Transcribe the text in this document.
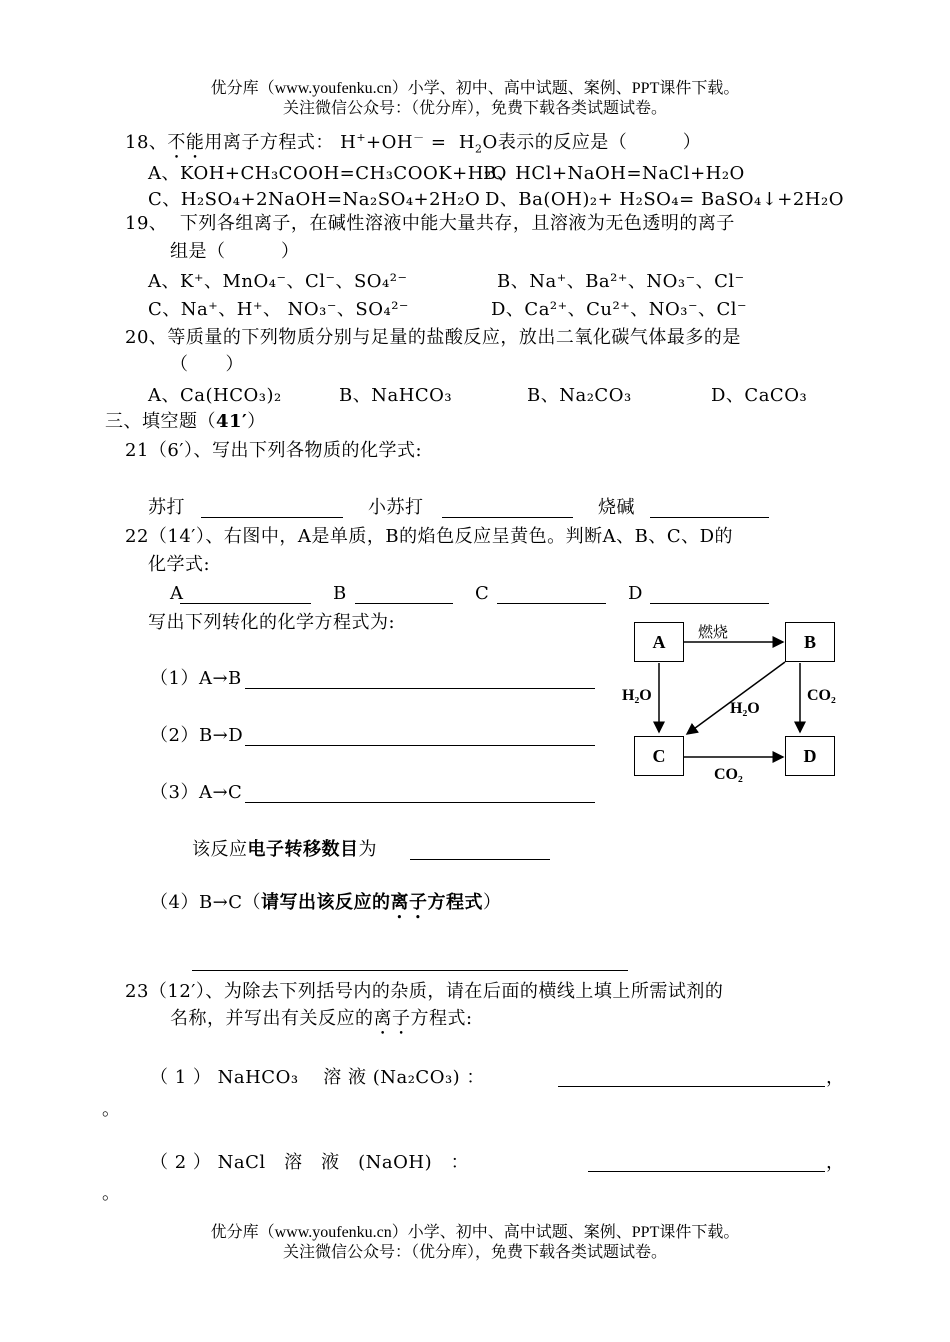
优分库（www.youfenku.cn）小学、初中、高中试题、案例、PPT课件下载。
关注微信公众号：（优分库），免费下载各类试题试卷。
18、不能用离子方程式： $H^++OH^- = H_2O$表示的反应是（　　　）
A、KOH+CH₃COOH=CH₃COOK+H₂O
B、HCl+NaOH=NaCl+H₂O
C、H₂SO₄+2NaOH=Na₂SO₄+2H₂O D、Ba(OH)₂+ H₂SO₄= BaSO₄↓+2H₂O
19、 下列各组离子，在碱性溶液中能大量共存，且溶液为无色透明的离子
组是（　　　）
A、K⁺、MnO₄⁻、Cl⁻、SO₄²⁻	B、Na⁺、Ba²⁺、NO₃⁻、Cl⁻
C、Na⁺、H⁺、 NO₃⁻、SO₄²⁻	D、Ca²⁺、Cu²⁺、NO₃⁻、Cl⁻
20、等质量的下列物质分别与足量的盐酸反应，放出二氧化碳气体最多的是
（　　）
A、Ca(HCO₃)₂	B、NaHCO₃	B、Na₂CO₃	D、CaCO₃
三、填空题（41′）
21（6′）、写出下列各物质的化学式:
苏打	小苏打	烧碱
22（14′）、右图中，A是单质，B的焰色反应呈黄色。判断A、B、C、D的
化学式:
A	B	C	D
写出下列转化的化学方程式为:
（1）A→B
（2）B→D
（3）A→C
该反应电子转移数目为
（4）B→C（请写出该反应的离子方程式）
A	B
C	D
燃烧
H₂O
H₂O
CO₂
CO₂
23（12′）、为除去下列括号内的杂质，请在后面的横线上填上所需试剂的
名称，并写出有关反应的离子方程式:
（ 1 ） NaHCO₃　 溶 液 (Na₂CO₃) ：	，
。
（ 2 ） NaCl　溶　液　(NaOH)　：	，
。
优分库（www.youfenku.cn）小学、初中、高中试题、案例、PPT课件下载。
关注微信公众号：（优分库），免费下载各类试题试卷。
